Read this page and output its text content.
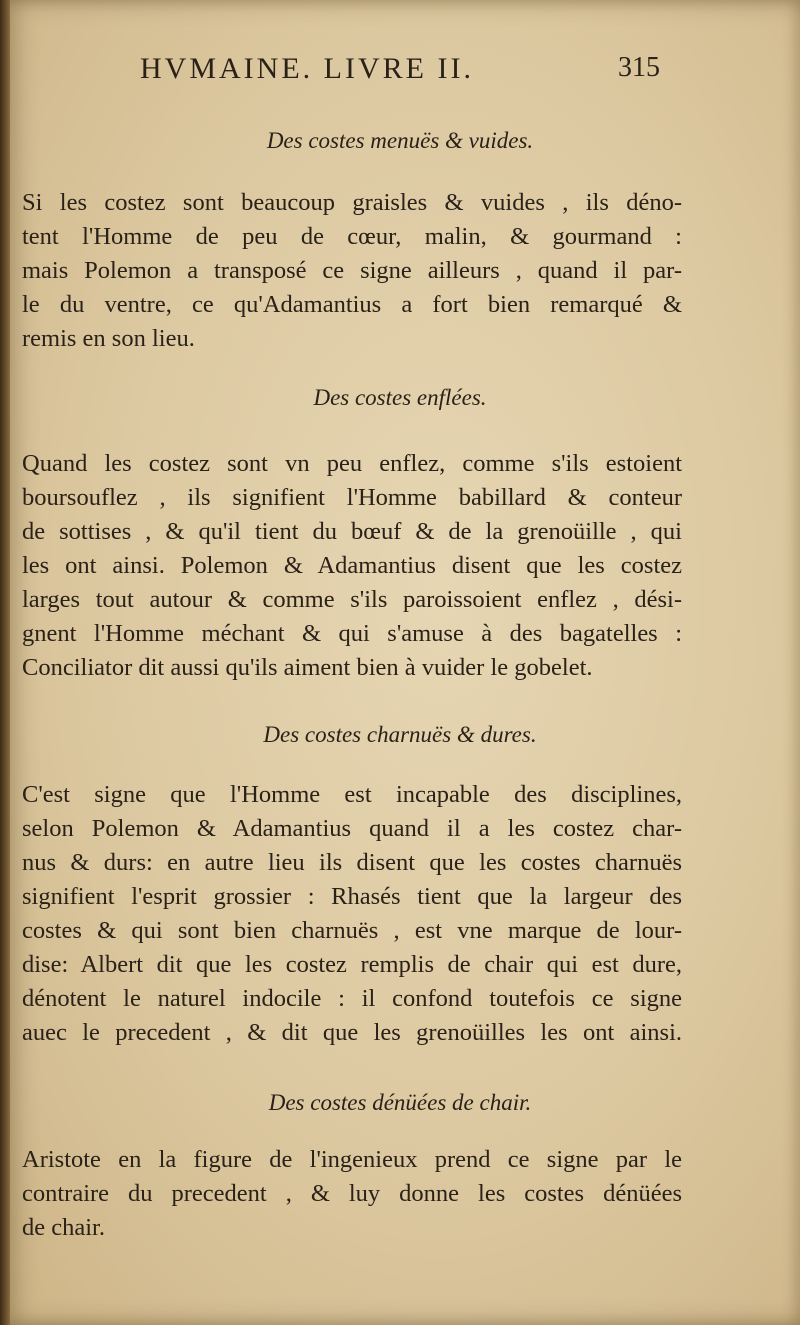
HVMAINE. LIVRE II.	315
Des costes menuës & vuides.
Si les costez sont beaucoup graisles & vuides , ils déno-
tent l'Homme de peu de cœur, malin, & gourmand :
mais Polemon a transposé ce signe ailleurs , quand il par-
le du ventre, ce qu'Adamantius a fort bien remarqué &
remis en son lieu.
Des costes enflées.
Quand les costez sont vn peu enflez, comme s'ils estoient
boursouflez , ils signifient l'Homme babillard & conteur
de sottises , & qu'il tient du bœuf & de la grenoüille , qui
les ont ainsi. Polemon & Adamantius disent que les costez
larges tout autour & comme s'ils paroissoient enflez , dési-
gnent l'Homme méchant & qui s'amuse à des bagatelles :
Conciliator dit aussi qu'ils aiment bien à vuider le gobelet.
Des costes charnuës & dures.
C'est signe que l'Homme est incapable des disciplines,
selon Polemon & Adamantius quand il a les costez char-
nus & durs: en autre lieu ils disent que les costes charnuës
signifient l'esprit grossier : Rhasés tient que la largeur des
costes & qui sont bien charnuës , est vne marque de lour-
dise: Albert dit que les costez remplis de chair qui est dure,
dénotent le naturel indocile : il confond toutefois ce signe
auec le precedent , & dit que les grenoüilles les ont ainsi.
Des costes dénüées de chair.
Aristote en la figure de l'ingenieux prend ce signe par le
contraire du precedent , & luy donne les costes dénüées
de chair.
